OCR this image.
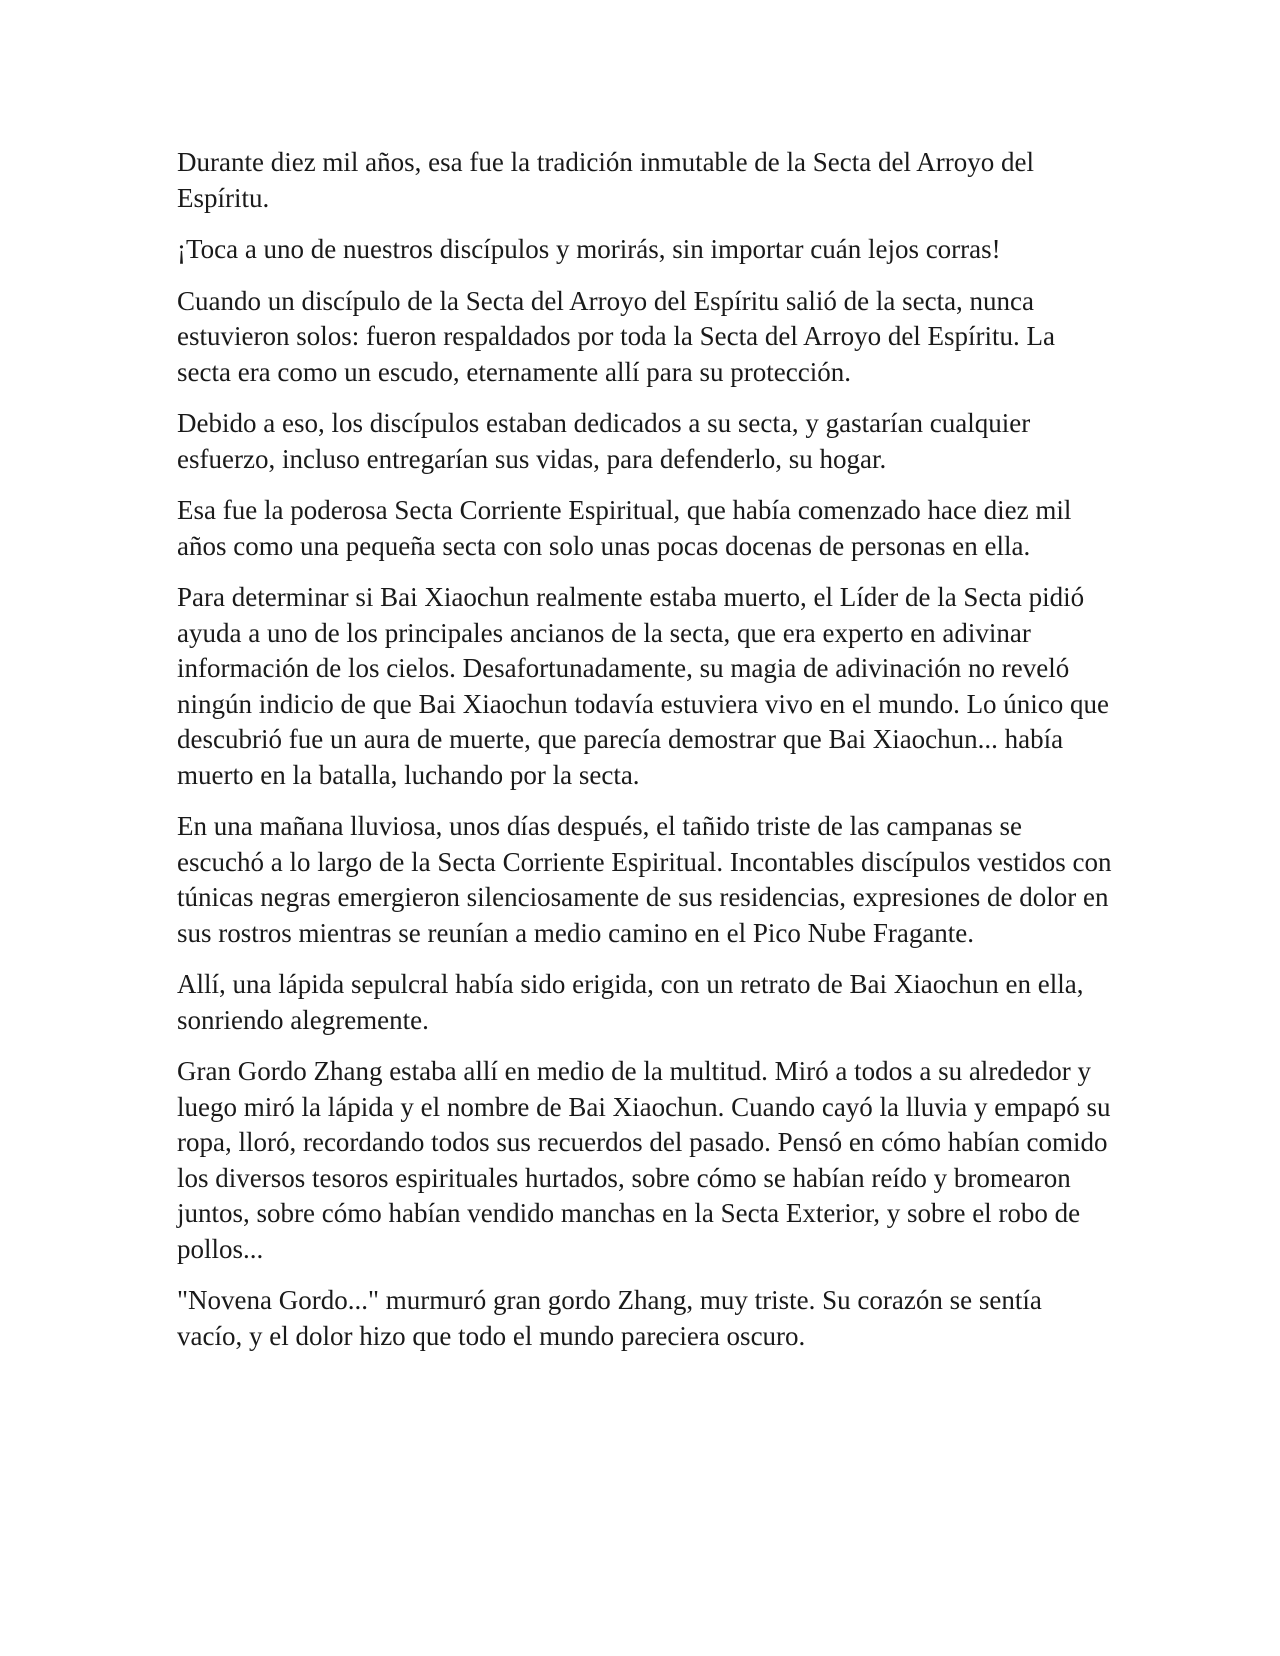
Durante diez mil años, esa fue la tradición inmutable de la Secta del Arroyo del Espíritu.

¡Toca a uno de nuestros discípulos y morirás, sin importar cuán lejos corras!

Cuando un discípulo de la Secta del Arroyo del Espíritu salió de la secta, nunca estuvieron solos: fueron respaldados por toda la Secta del Arroyo del Espíritu. La secta era como un escudo, eternamente allí para su protección.

Debido a eso, los discípulos estaban dedicados a su secta, y gastarían cualquier esfuerzo, incluso entregarían sus vidas, para defenderlo, su hogar.

Esa fue la poderosa Secta Corriente Espiritual, que había comenzado hace diez mil años como una pequeña secta con solo unas pocas docenas de personas en ella.

Para determinar si Bai Xiaochun realmente estaba muerto, el Líder de la Secta pidió ayuda a uno de los principales ancianos de la secta, que era experto en adivinar información de los cielos. Desafortunadamente, su magia de adivinación no reveló ningún indicio de que Bai Xiaochun todavía estuviera vivo en el mundo. Lo único que descubrió fue un aura de muerte, que parecía demostrar que Bai Xiaochun... había muerto en la batalla, luchando por la secta.

En una mañana lluviosa, unos días después, el tañido triste de las campanas se escuchó a lo largo de la Secta Corriente Espiritual. Incontables discípulos vestidos con túnicas negras emergieron silenciosamente de sus residencias, expresiones de dolor en sus rostros mientras se reunían a medio camino en el Pico Nube Fragante.

Allí, una lápida sepulcral había sido erigida, con un retrato de Bai Xiaochun en ella, sonriendo alegremente.

Gran Gordo Zhang estaba allí en medio de la multitud. Miró a todos a su alrededor y luego miró la lápida y el nombre de Bai Xiaochun. Cuando cayó la lluvia y empapó su ropa, lloró, recordando todos sus recuerdos del pasado. Pensó en cómo habían comido los diversos tesoros espirituales hurtados, sobre cómo se habían reído y bromearon juntos, sobre cómo habían vendido manchas en la Secta Exterior, y sobre el robo de pollos...

"Novena Gordo..." murmuró gran gordo Zhang, muy triste. Su corazón se sentía vacío, y el dolor hizo que todo el mundo pareciera oscuro.
